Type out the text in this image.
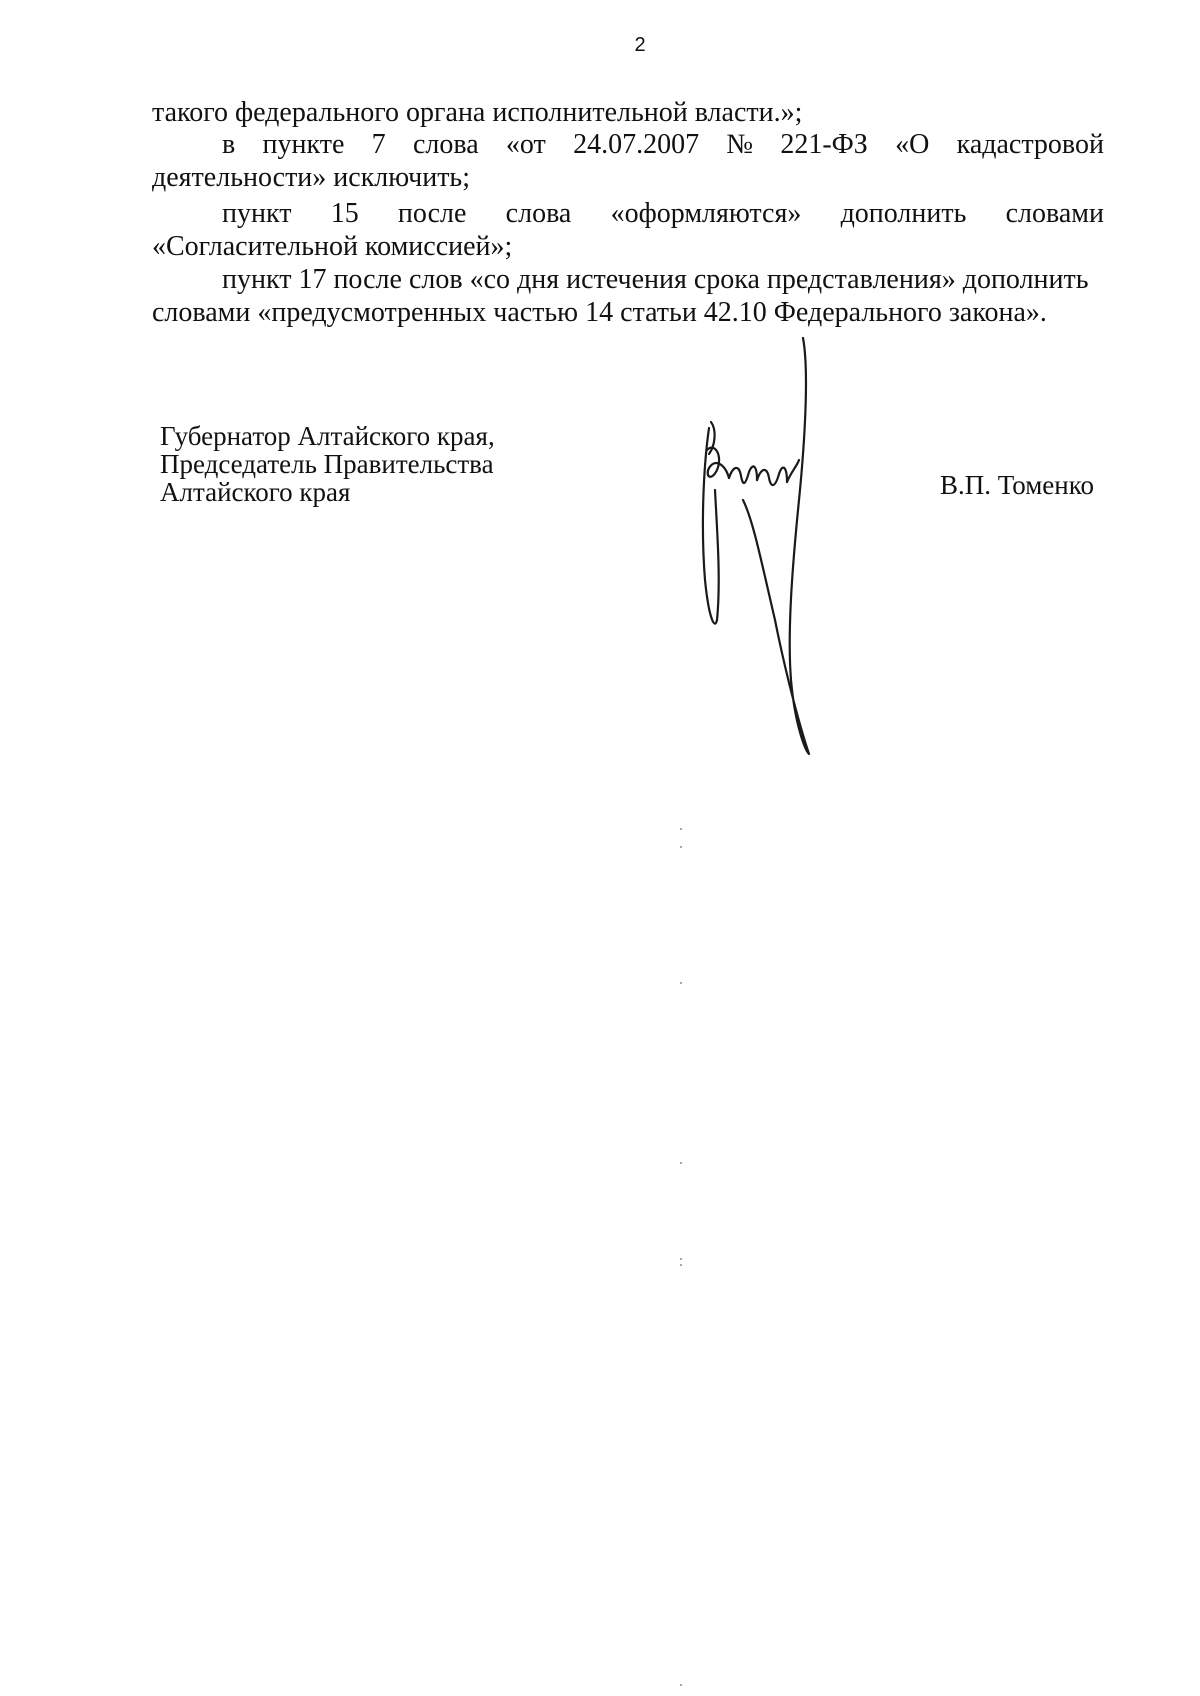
2
такого федерального органа исполнительной власти.»;
в пункте 7 слова «от 24.07.2007 № 221-ФЗ «О кадастровой
деятельности» исключить;
пункт 15 после слова «оформляются» дополнить словами
«Согласительной комиссией»;
пункт 17 после слов «со дня истечения срока представления» дополнить
словами «предусмотренных частью 14 статьи 42.10 Федерального закона».
Губернатор Алтайского края,
Председатель Правительства
Алтайского края	В.П. Томенко
